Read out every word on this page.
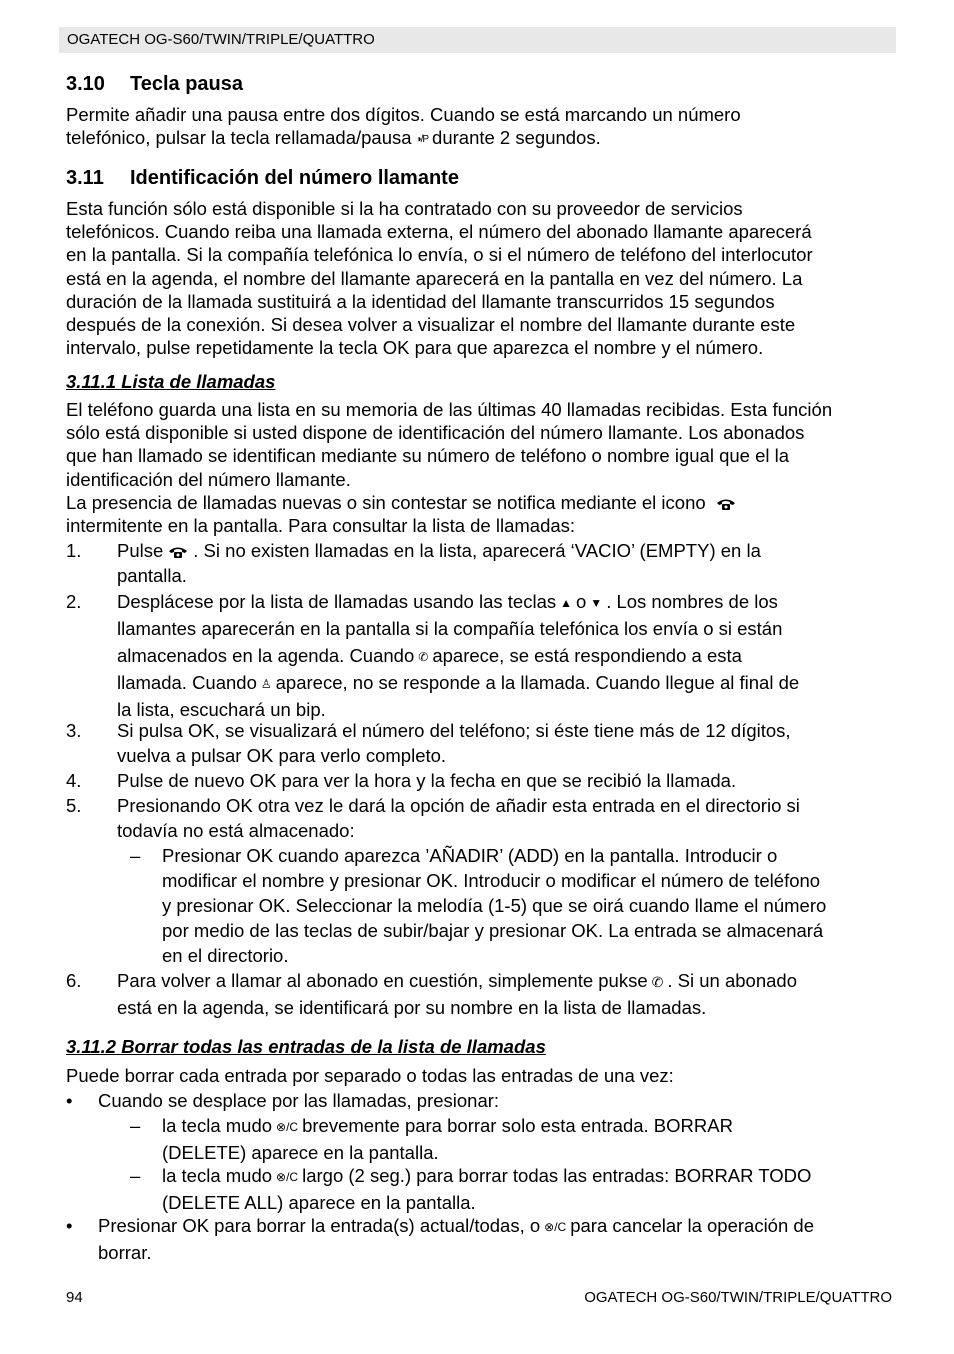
OGATECH OG-S60/TWIN/TRIPLE/QUATTRO
3.10 Tecla pausa
Permite añadir una pausa entre dos dígitos. Cuando se está marcando un número
telefónico, pulsar la tecla rellamada/pausa ◑/P durante 2 segundos.
3.11 Identificación del número llamante
Esta función sólo está disponible si la ha contratado con su proveedor de servicios
telefónicos. Cuando reiba una llamada externa, el número del abonado llamante aparecerá
en la pantalla. Si la compañía telefónica lo envía, o si el número de teléfono del interlocutor
está en la agenda, el nombre del llamante aparecerá en la pantalla en vez del número. La
duración de la llamada sustituirá a la identidad del llamante transcurridos 15 segundos
después de la conexión. Si desea volver a visualizar el nombre del llamante durante este
intervalo, pulse repetidamente la tecla OK para que aparezca el nombre y el número.
3.11.1 Lista de llamadas
El teléfono guarda una lista en su memoria de las últimas 40 llamadas recibidas. Esta función
sólo está disponible si usted dispone de identificación del número llamante. Los abonados
que han llamado se identifican mediante su número de teléfono o nombre igual que el la
identificación del número llamante.
La presencia de llamadas nuevas o sin contestar se notifica mediante el icono
intermitente en la pantalla. Para consultar la lista de llamadas:
1. Pulse . Si no existen llamadas en la lista, aparecerá ‘VACIO’ (EMPTY) en la
pantalla.
2. Desplácese por la lista de llamadas usando las teclas ▲ o ▼ . Los nombres de los
llamantes aparecerán en la pantalla si la compañía telefónica los envía o si están
almacenados en la agenda. Cuando ✆ aparece, se está respondiendo a esta
llamada. Cuando ♙ aparece, no se responde a la llamada. Cuando llegue al final de
la lista, escuchará un bip.
3. Si pulsa OK, se visualizará el número del teléfono; si éste tiene más de 12 dígitos,
vuelva a pulsar OK para verlo completo.
4. Pulse de nuevo OK para ver la hora y la fecha en que se recibió la llamada.
5. Presionando OK otra vez le dará la opción de añadir esta entrada en el directorio si
todavía no está almacenado:
– Presionar OK cuando aparezca ’AÑADIR’ (ADD) en la pantalla. Introducir o
modificar el nombre y presionar OK. Introducir o modificar el número de teléfono
y presionar OK. Seleccionar la melodía (1-5) que se oirá cuando llame el número
por medio de las teclas de subir/bajar y presionar OK. La entrada se almacenará
en el directorio.
6. Para volver a llamar al abonado en cuestión, simplemente pukse ✆ . Si un abonado
está en la agenda, se identificará por su nombre en la lista de llamadas.
3.11.2 Borrar todas las entradas de la lista de llamadas
Puede borrar cada entrada por separado o todas las entradas de una vez:
• Cuando se desplace por las llamadas, presionar:
– la tecla mudo ⊗/C brevemente para borrar solo esta entrada. BORRAR
(DELETE) aparece en la pantalla.
– la tecla mudo ⊗/C largo (2 seg.) para borrar todas las entradas: BORRAR TODO
(DELETE ALL) aparece en la pantalla.
• Presionar OK para borrar la entrada(s) actual/todas, o ⊗/C para cancelar la operación de
borrar.
94	OGATECH OG-S60/TWIN/TRIPLE/QUATTRO
